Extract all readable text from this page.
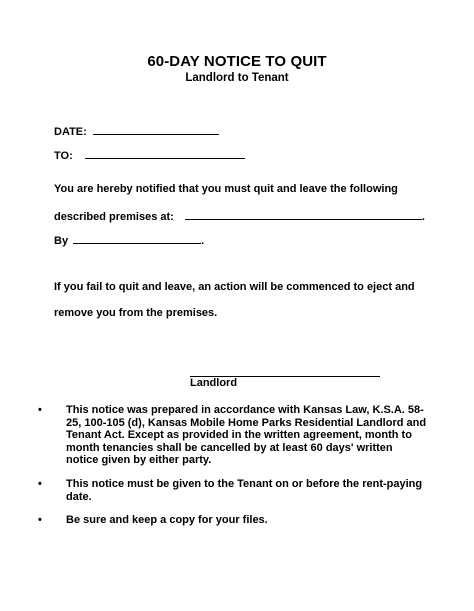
60-DAY NOTICE TO QUIT
Landlord to Tenant
DATE:
TO:
You are hereby notified that you must quit and leave the following
described premises at:	.
By	.
If you fail to quit and leave, an action will be commenced to eject and
remove you from the premises.
Landlord
•	This notice was prepared in accordance with Kansas Law, K.S.A. 58-25, 100-105 (d), Kansas Mobile Home Parks Residential Landlord and Tenant Act. Except as provided in the written agreement, month to month tenancies shall be cancelled by at least 60 days' written notice given by either party.
•	This notice must be given to the Tenant on or before the rent-paying date.
•	Be sure and keep a copy for your files.
